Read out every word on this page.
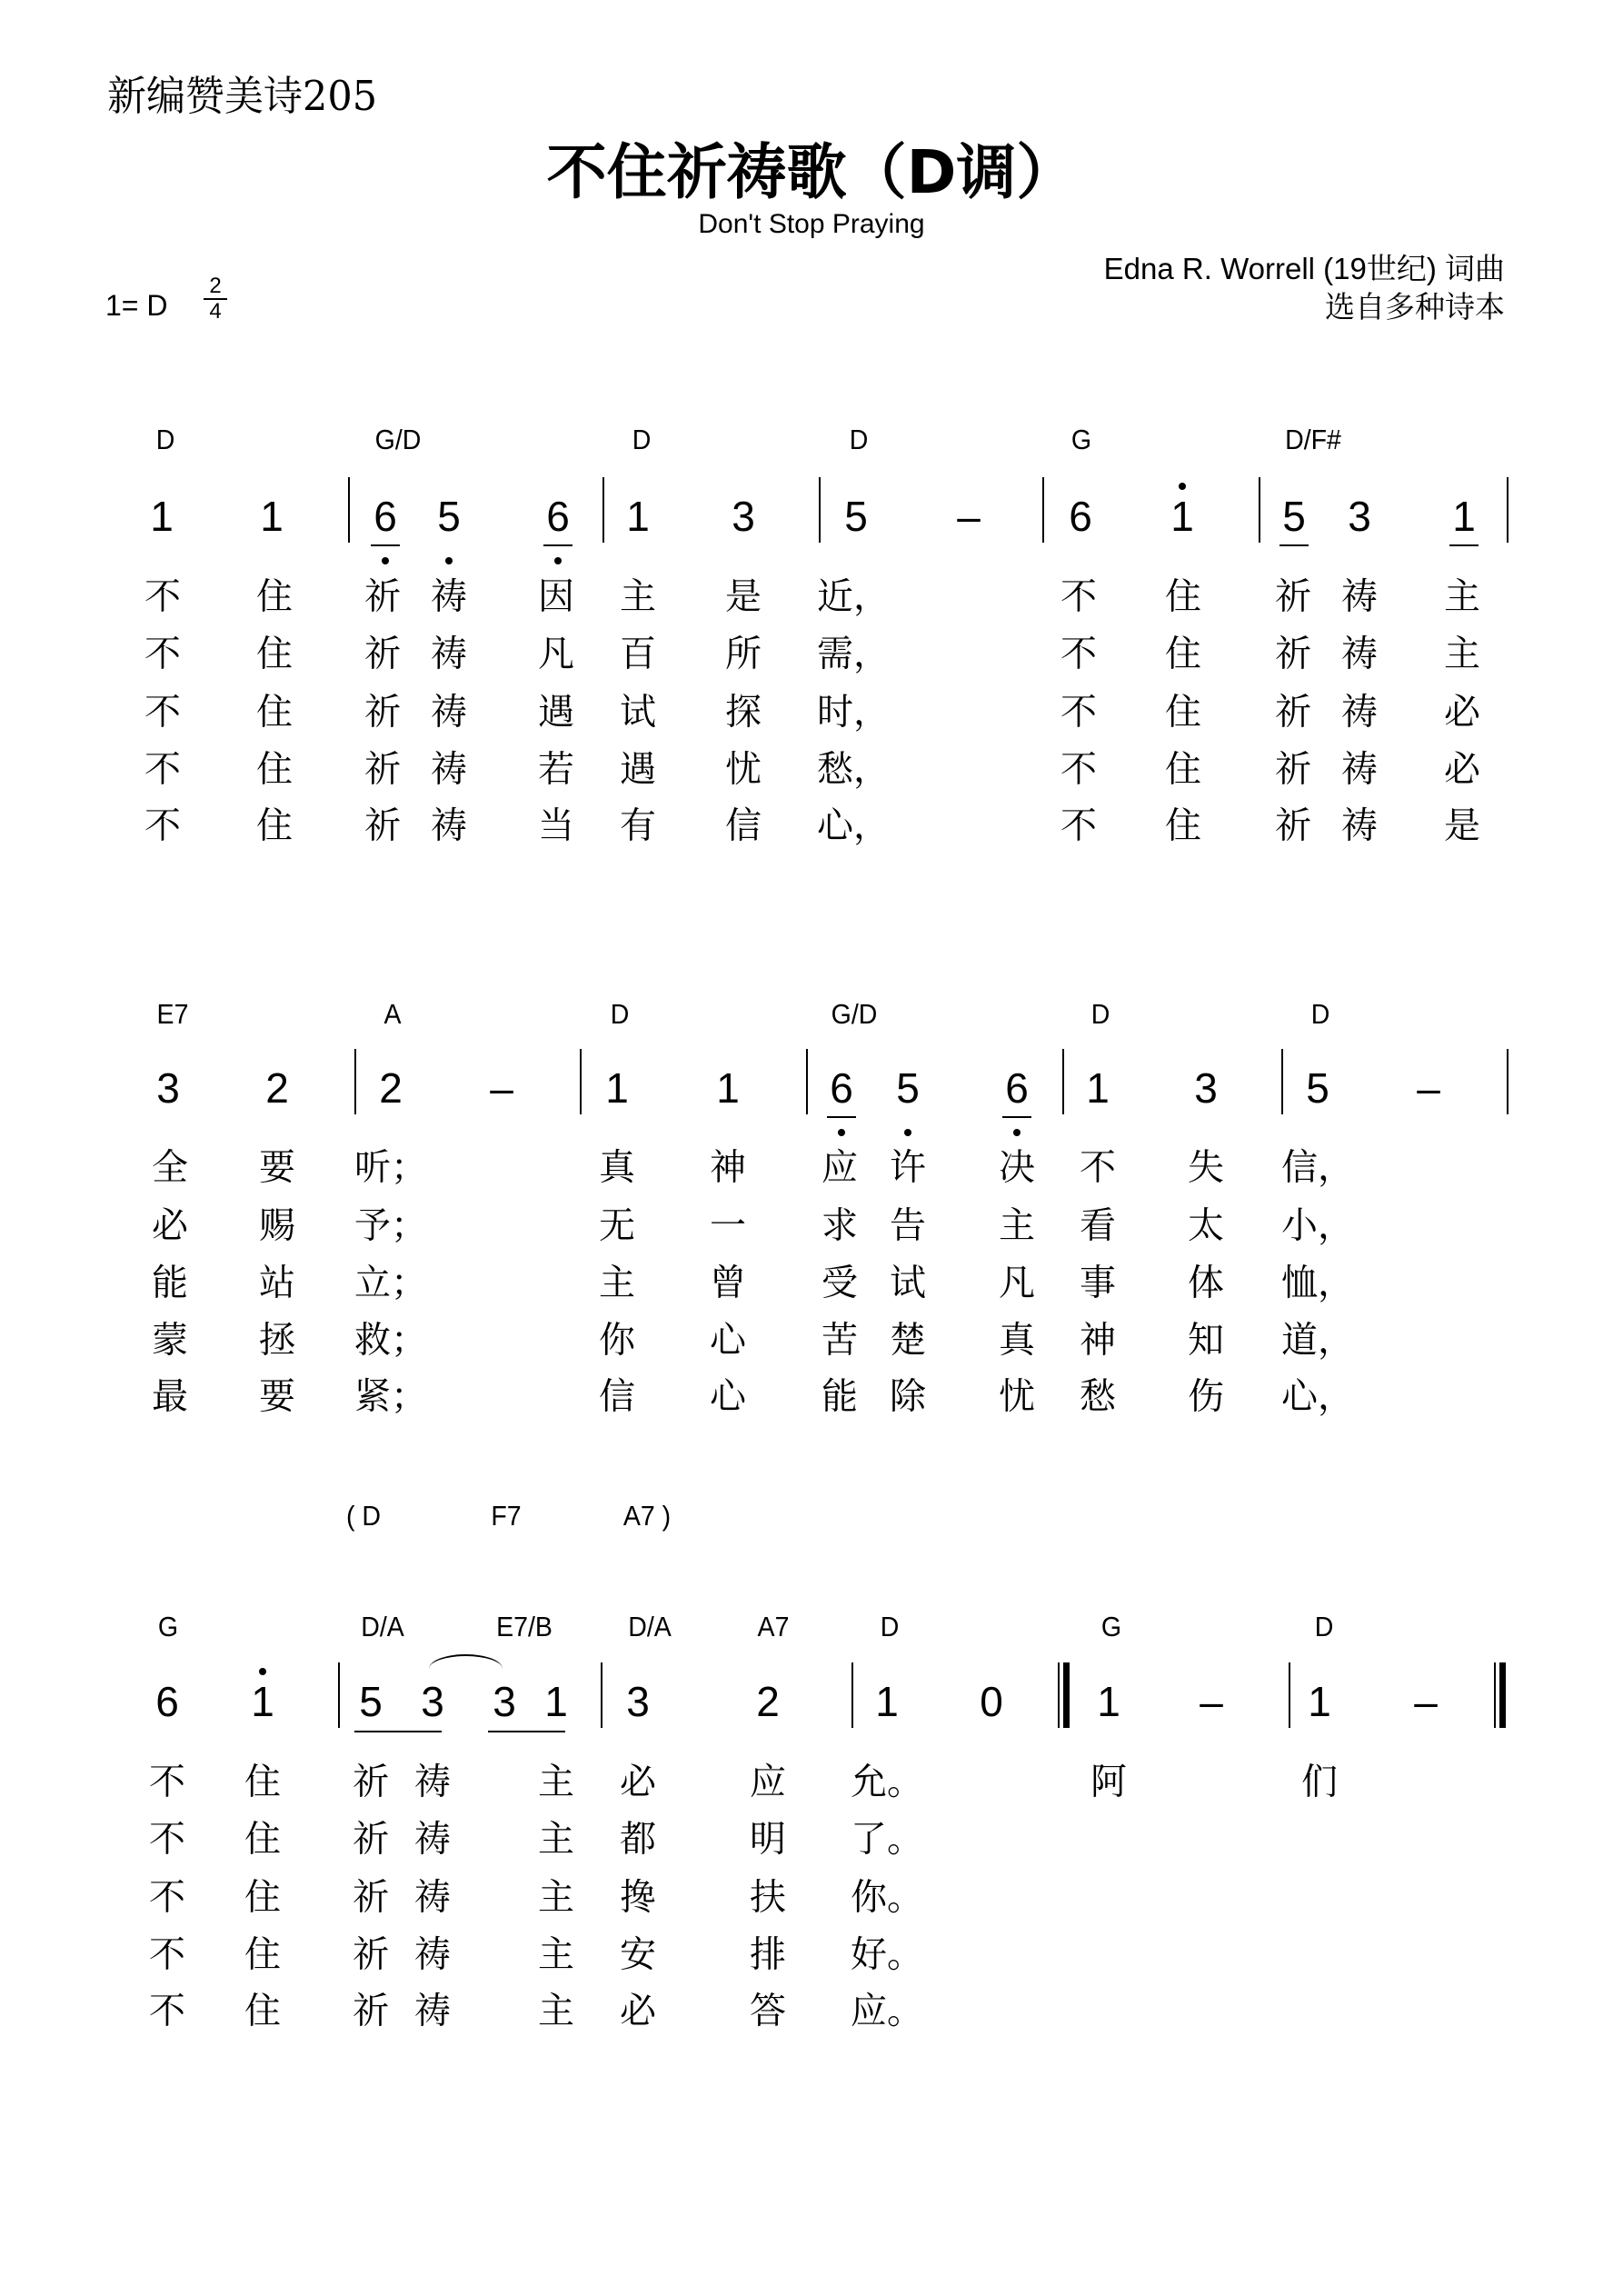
新编赞美诗205
不住祈祷歌（D调）
Don't Stop Praying
Edna R. Worrell (19世纪) 词曲
选自多种诗本
1= D $\frac{2}{4}$
D	G/D	D	D	G	D/F#
1 1 6 5 6 1 3 5 – 6 1 5 3 1
不 住 祈 祷 因 主 是 近，	不 住 祈 祷 主
不 住 祈 祷 凡 百 所 需，	不 住 祈 祷 主
不 住 祈 祷 遇 试 探 时，	不 住 祈 祷 必
不 住 祈 祷 若 遇 忧 愁，	不 住 祈 祷 必
不 住 祈 祷 当 有 信 心，	不 住 祈 祷 是
E7	A	D	G/D	D	D
3 2 2 – 1 1 6 5 6 1 3 5 –
全 要 听；	真 神 应 许 决 不 失 信，
必 赐 予；	无 一 求 告 主 看 太 小，
能 站 立；	主 曾 受 试 凡 事 体 恤，
蒙 拯 救；	你 心 苦 楚 真 神 知 道，
最 要 紧；	信 心 能 除 忧 愁 伤 心，
( D	F7	A7 )
G	D/A	E7/B	D/A	A7	D	G	D
6 1 5 3 3 1 3	2 1 0 1 – 1 –
不 住 祈 祷 主 必	应 允。	阿	们
不 住 祈 祷 主 都	明 了。
不 住 祈 祷 主 搀	扶 你。
不 住 祈 祷 主 安	排 好。
不 住 祈 祷 主 必	答 应。
